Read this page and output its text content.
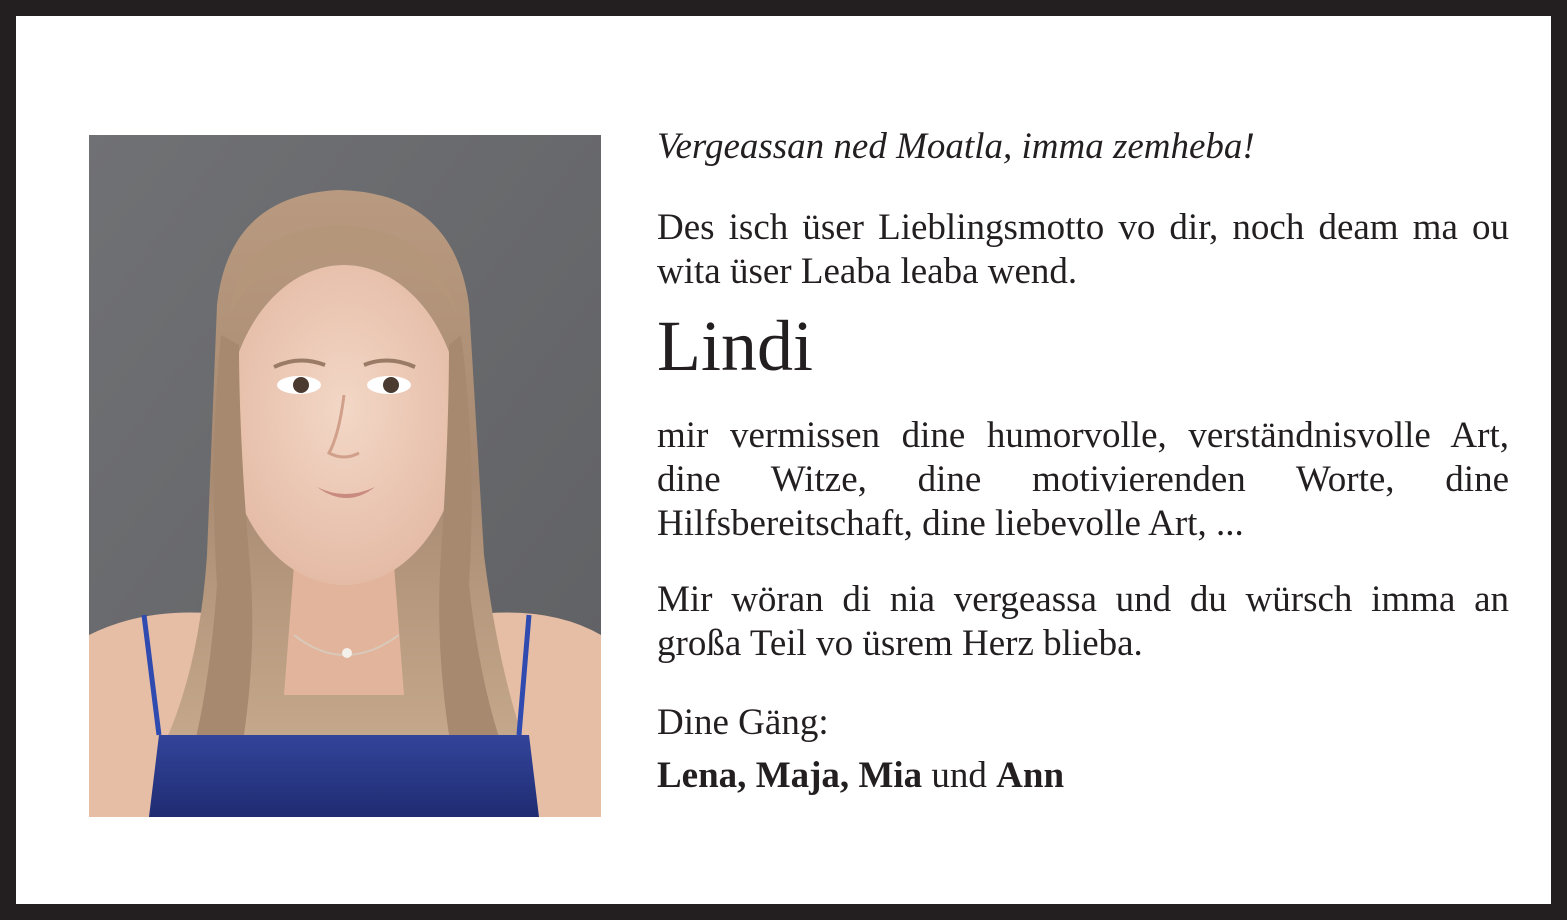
Vergeassan ned Moatla, imma zemheba!

Des isch üser Lieblingsmotto vo dir, noch deam ma ou wita üser Leaba leaba wend.

Lindi

mir vermissen dine humorvolle, verständnisvolle Art, dine Witze, dine motivierenden Worte, dine Hilfsbereitschaft, dine liebevolle Art, ...

Mir wöran di nia vergeassa und du würsch imma an großa Teil vo üsrem Herz blieba.

Dine Gäng:

Lena, Maja, Mia und Ann
